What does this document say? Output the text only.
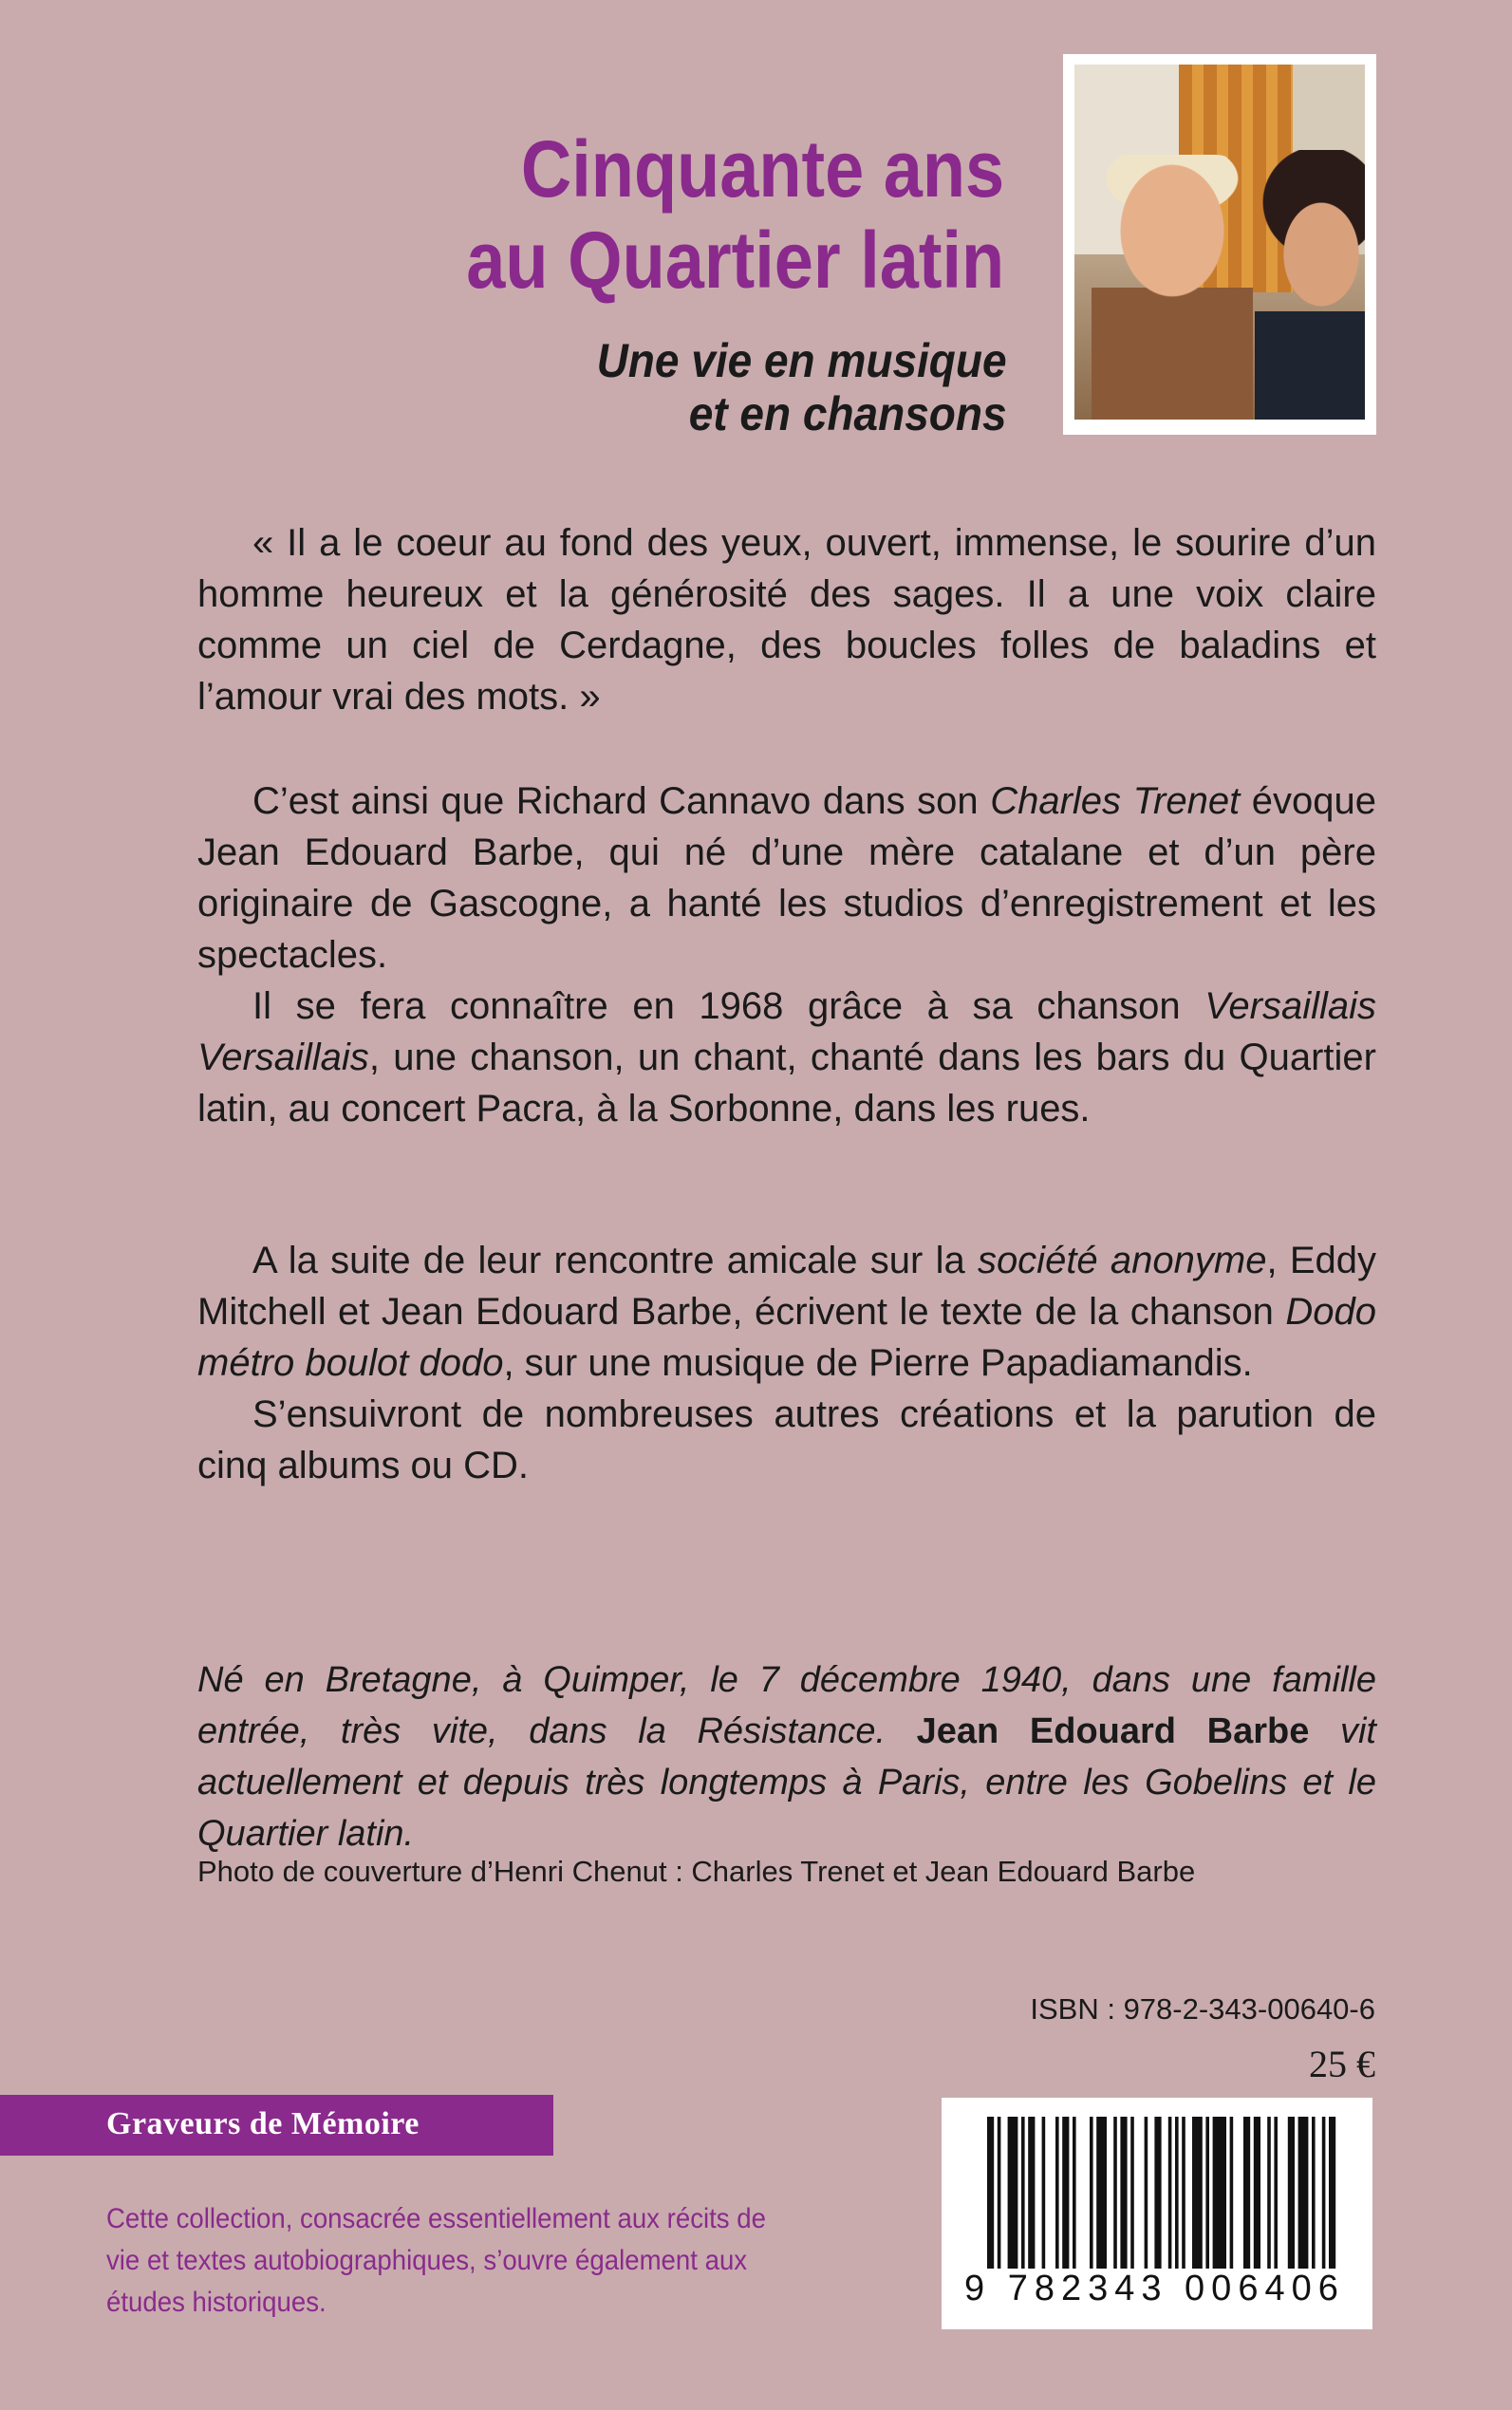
Cinquante ans
au Quartier latin
Une vie en musique
et en chansons

« Il a le coeur au fond des yeux, ouvert, immense, le sourire d’un homme heureux et la générosité des sages. Il a une voix claire comme un ciel de Cerdagne, des boucles folles de baladins et l’amour vrai des mots. »

C’est ainsi que Richard Cannavo dans son Charles Trenet évoque Jean Edouard Barbe, qui né d’une mère catalane et d’un père originaire de Gascogne, a hanté les studios d’enregistrement et les spectacles.

Il se fera connaître en 1968 grâce à sa chanson Versaillais Versaillais, une chanson, un chant, chanté dans les bars du Quartier latin, au concert Pacra, à la Sorbonne, dans les rues.

A la suite de leur rencontre amicale sur la société anonyme, Eddy Mitchell et Jean Edouard Barbe, écrivent le texte de la chanson Dodo métro boulot dodo, sur une musique de Pierre Papadiamandis.

S’ensuivront de nombreuses autres créations et la parution de cinq albums ou CD.

Né en Bretagne, à Quimper, le 7 décembre 1940, dans une famille entrée, très vite, dans la Résistance. Jean Edouard Barbe vit actuellement et depuis très longtemps à Paris, entre les Gobelins et le Quartier latin.
Photo de couverture d’Henri Chenut : Charles Trenet et Jean Edouard Barbe
ISBN : 978-2-343-00640-6
25 €
Graveurs de Mémoire
Cette collection, consacrée essentiellement aux récits de vie et textes autobiographiques, s’ouvre également aux études historiques.	9 782343 006406
